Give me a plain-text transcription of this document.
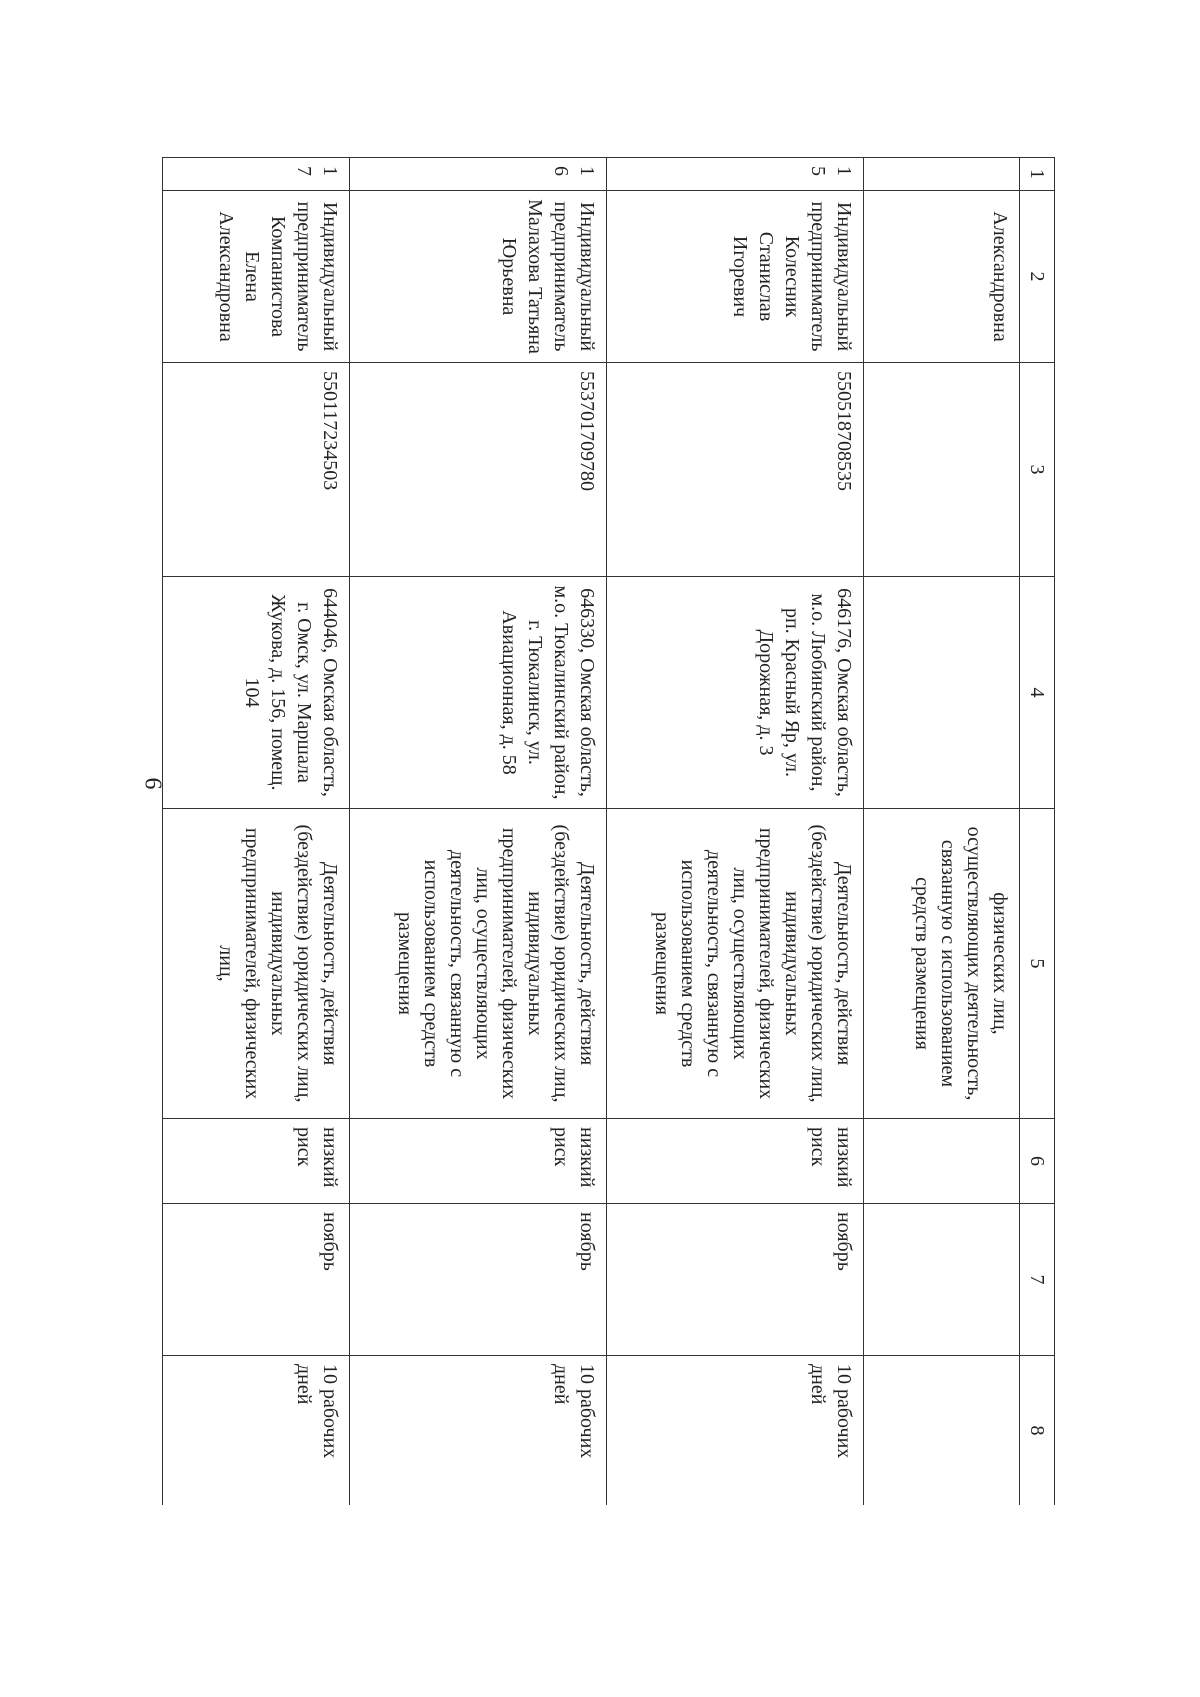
6
1	2	3	4	5	6	7	8
	Александровна			физических лиц, осуществляющих деятельность, связанную с использованием средств размещения			
15	Индивидуальный предприниматель Колесник Станислав Игоревич	550518708535	646176, Омская область, м.о. Любинский район, рп. Красный Яр, ул. Дорожная, д. 3	Деятельность, действия (бездействие) юридических лиц, индивидуальных предпринимателей, физических лиц, осуществляющих деятельность, связанную с использованием средств размещения	низкий риск	ноябрь	10 рабочих дней
16	Индивидуальный предприниматель Малахова Татьяна Юрьевна	553701709780	646330, Омская область, м.о. Тюкалинский район, г. Тюкалинск, ул. Авиационная, д. 58	Деятельность, действия (бездействие) юридических лиц, индивидуальных предпринимателей, физических лиц, осуществляющих деятельность, связанную с использованием средств размещения	низкий риск	ноябрь	10 рабочих дней
17	Индивидуальный предприниматель Компанистова Елена Александровна	550117234503	644046, Омская область, г. Омск, ул. Маршала Жукова, д. 156, помещ. 104	Деятельность, действия (бездействие) юридических лиц, индивидуальных предпринимателей, физических лиц,	низкий риск	ноябрь	10 рабочих дней
